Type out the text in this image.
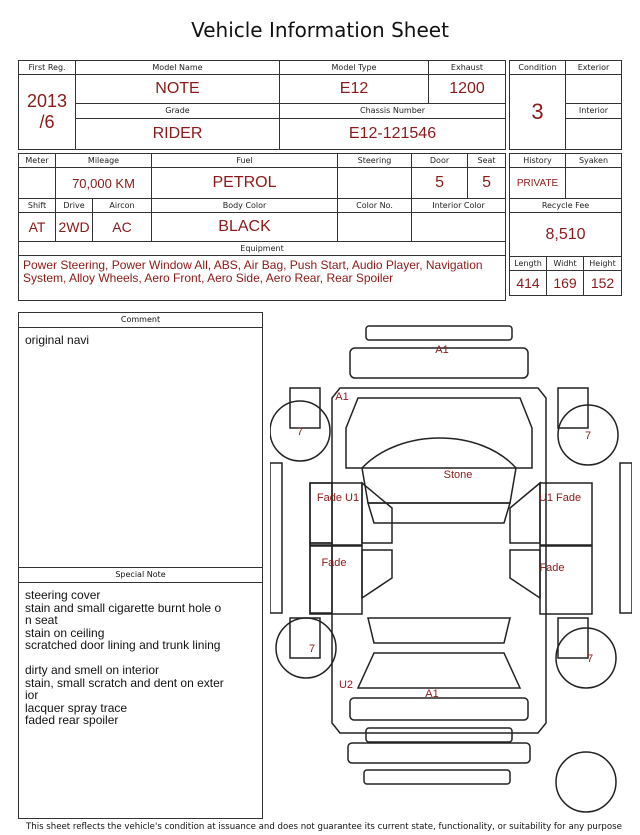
Vehicle Information Sheet
First Reg.	Model Name	Model Type	Exhaust

2013
/6	NOTE	E12	1200
	Grade	Chassis Number	
	RIDER	E12-121546	
Condition	Exterior
3	
	Interior

Meter	Mileage		Fuel	Steering	Door	Seat
	70,000 KM		PETROL		5	5
Shift	Drive	Aircon	Body Color	Color No.	Interior Color	
AT	2WD	AC	BLACK			
Equipment						
Power Steering, Power Window All, ABS, Air Bag, Push Start, Audio Player, Navigation System, Alloy Wheels, Aero Front, Aero Side, Aero Rear, Rear Spoiler						
History		Syaken	
PRIVATE			
Recycle Fee			
8,510			
Length	Widht		Height
414	169		152
Comment
original navi
Special Note
steering cover
stain and small cigarette burnt hole o
n seat
stain on ceiling
scratched door lining and trunk lining

dirty and smell on interior
stain, small scratch and dent on exter
ior
lacquer spray trace
faded rear spoiler
A1
A1
Stone
Fade U1
Fade
U1 Fade
Fade
U2
A1
7	7
7
7
This sheet reflects the vehicle's condition at issuance and does not guarantee its current state, functionality, or suitability for any purpose
